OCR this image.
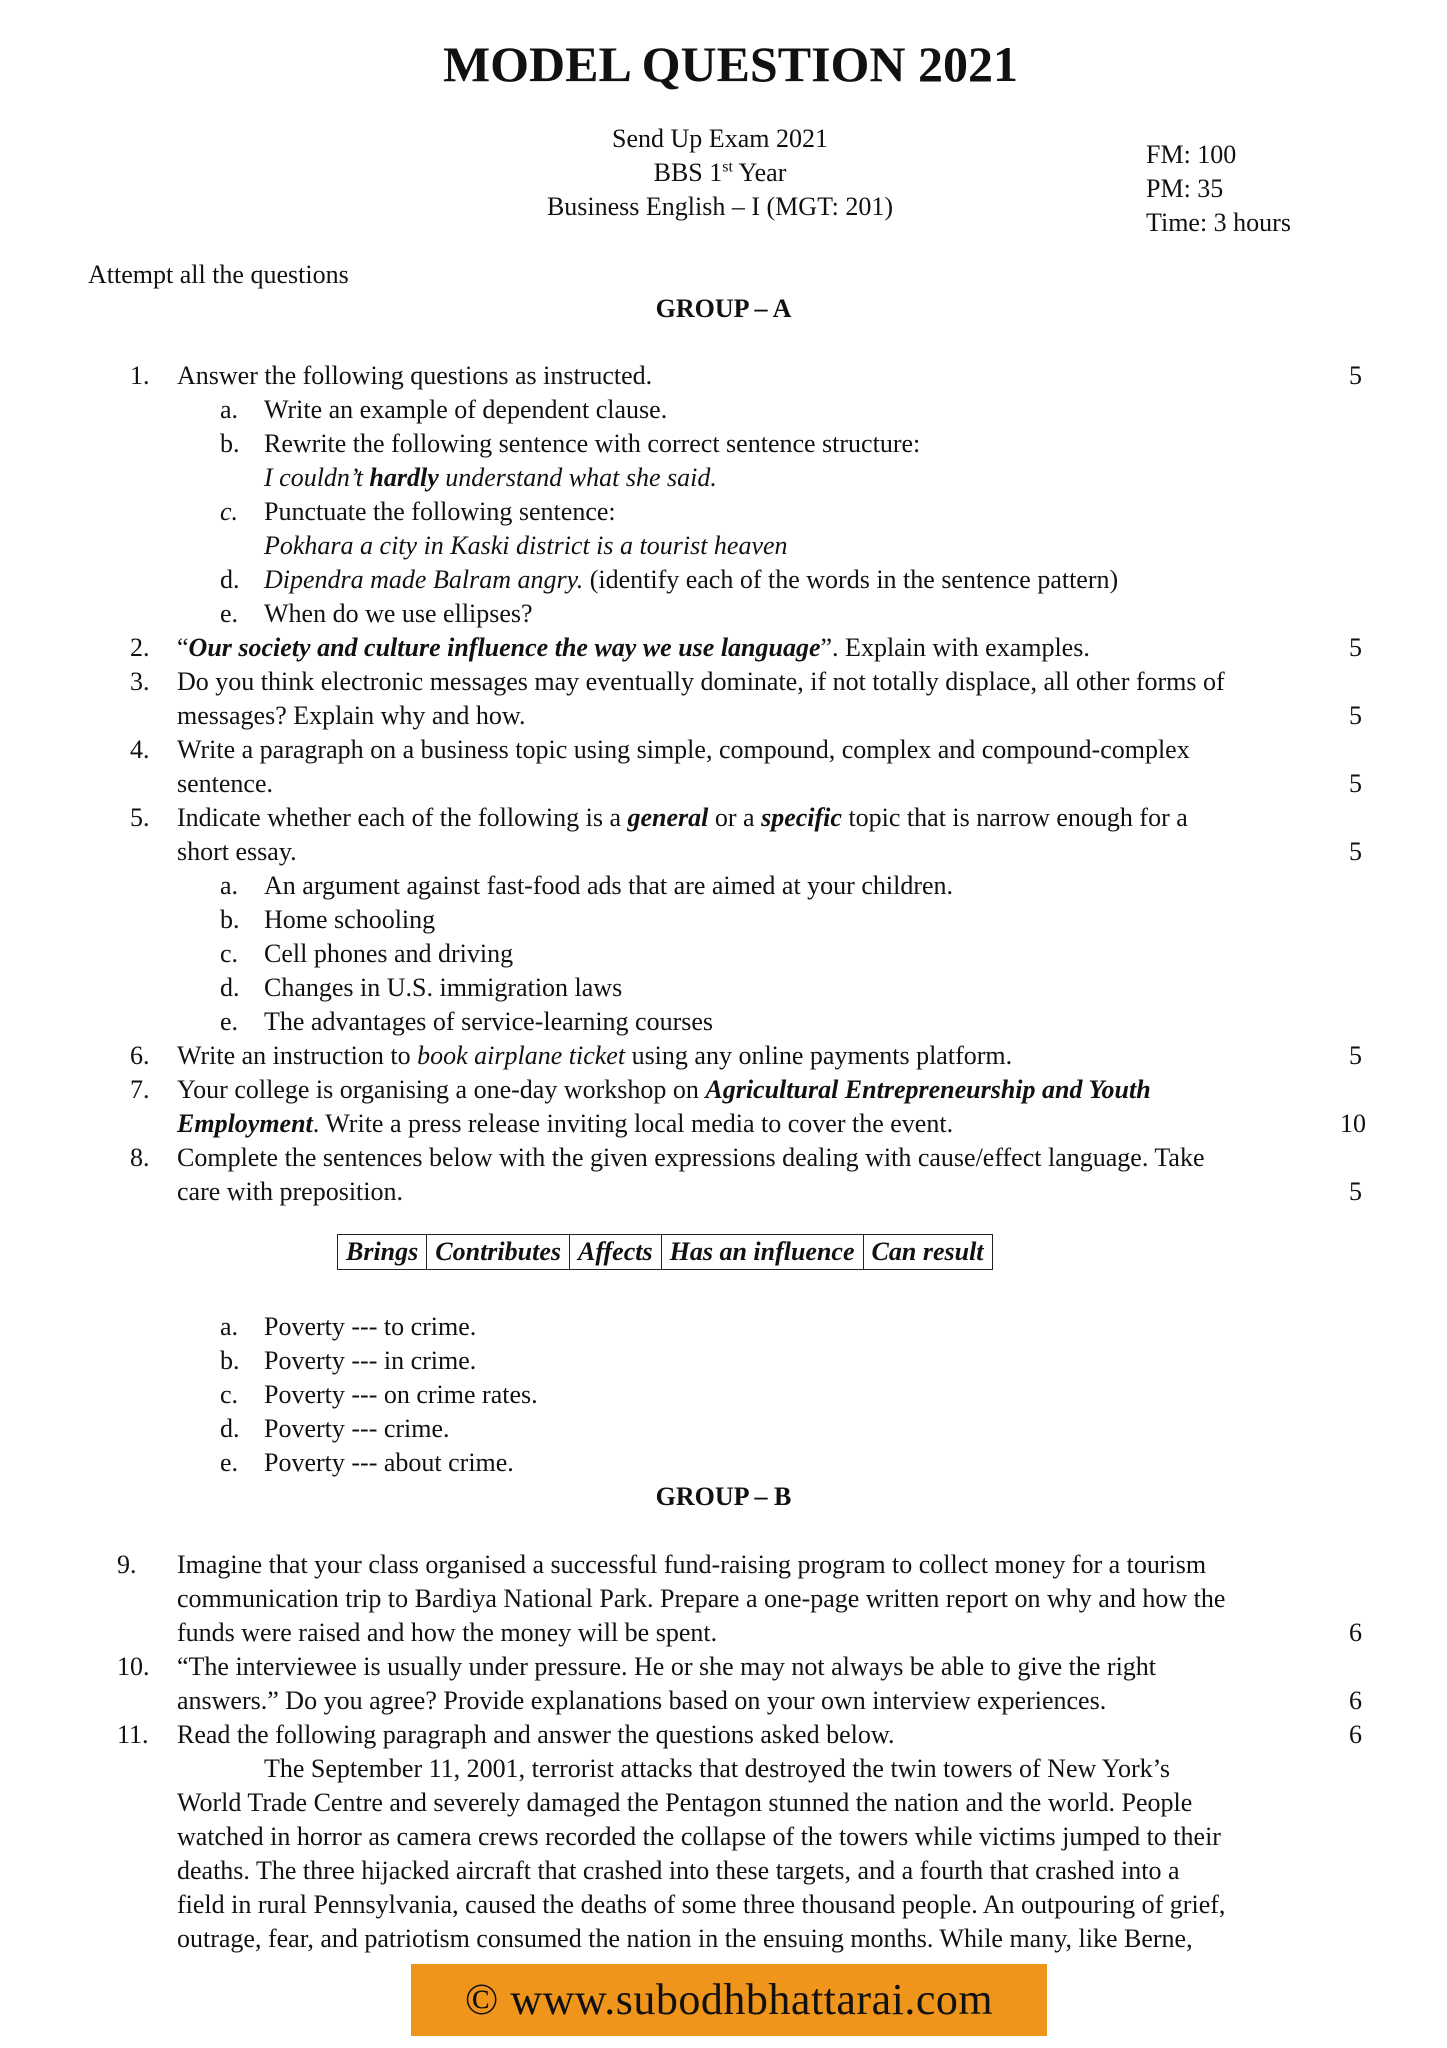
MODEL QUESTION 2021
Send Up Exam 2021
BBS 1st Year
Business English – I (MGT: 201)
FM: 100
PM: 35
Time: 3 hours
Attempt all the questions
GROUP – A
1. Answer the following questions as instructed.	5
a. Write an example of dependent clause.
b. Rewrite the following sentence with correct sentence structure:
I couldn’t hardly understand what she said.
c. Punctuate the following sentence:
Pokhara a city in Kaski district is a tourist heaven
d. Dipendra made Balram angry. (identify each of the words in the sentence pattern)
e. When do we use ellipses?
2. “Our society and culture influence the way we use language”. Explain with examples.	5
3. Do you think electronic messages may eventually dominate, if not totally displace, all other forms of
messages? Explain why and how.	5
4. Write a paragraph on a business topic using simple, compound, complex and compound-complex
sentence.	5
5. Indicate whether each of the following is a general or a specific topic that is narrow enough for a
short essay.	5
a. An argument against fast-food ads that are aimed at your children.
b. Home schooling
c. Cell phones and driving
d. Changes in U.S. immigration laws
e. The advantages of service-learning courses
6. Write an instruction to book airplane ticket using any online payments platform.	5
7. Your college is organising a one-day workshop on Agricultural Entrepreneurship and Youth
Employment. Write a press release inviting local media to cover the event.	10
8. Complete the sentences below with the given expressions dealing with cause/effect language. Take
care with preposition.	5
Brings	Contributes	Affects	Has an influence	Can result
a. Poverty --- to crime.
b. Poverty --- in crime.
c. Poverty --- on crime rates.
d. Poverty --- crime.
e. Poverty --- about crime.
GROUP – B
9. Imagine that your class organised a successful fund-raising program to collect money for a tourism
communication trip to Bardiya National Park. Prepare a one-page written report on why and how the
funds were raised and how the money will be spent.	6
10. “The interviewee is usually under pressure. He or she may not always be able to give the right
answers.” Do you agree? Provide explanations based on your own interview experiences.	6
11. Read the following paragraph and answer the questions asked below.	6
The September 11, 2001, terrorist attacks that destroyed the twin towers of New York’s
World Trade Centre and severely damaged the Pentagon stunned the nation and the world. People
watched in horror as camera crews recorded the collapse of the towers while victims jumped to their
deaths. The three hijacked aircraft that crashed into these targets, and a fourth that crashed into a
field in rural Pennsylvania, caused the deaths of some three thousand people. An outpouring of grief,
outrage, fear, and patriotism consumed the nation in the ensuing months. While many, like Berne,
© www.subodhbhattarai.com
